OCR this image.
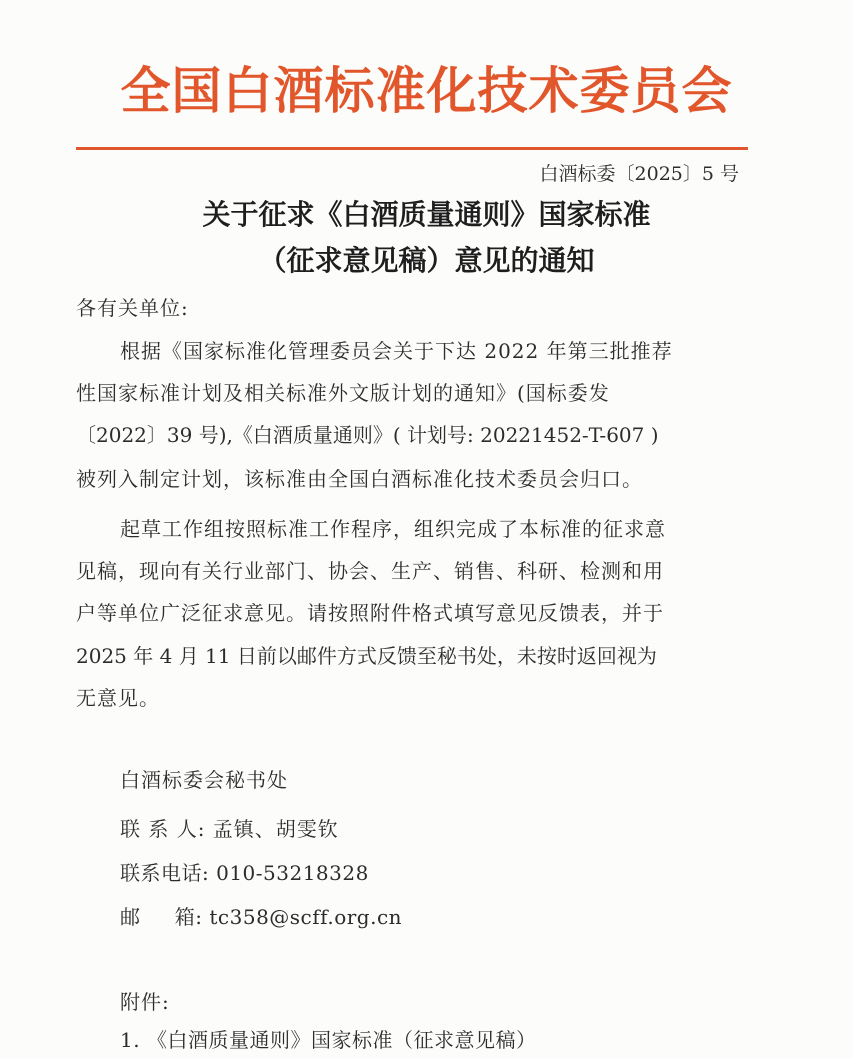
全国白酒标准化技术委员会
白酒标委〔2025〕5 号
关于征求《白酒质量通则》国家标准
（征求意见稿）意见的通知
各有关单位:
根据《国家标准化管理委员会关于下达 2022 年第三批推荐
性国家标准计划及相关标准外文版计划的通知》(国标委发
〔2022〕39 号),《白酒质量通则》( 计划号: 20221452-T-607 )
被列入制定计划，该标准由全国白酒标准化技术委员会归口。
起草工作组按照标准工作程序，组织完成了本标准的征求意
见稿，现向有关行业部门、协会、生产、销售、科研、检测和用
户等单位广泛征求意见。请按照附件格式填写意见反馈表，并于
2025 年 4 月 11 日前以邮件方式反馈至秘书处，未按时返回视为
无意见。
白酒标委会秘书处
联 系 人: 孟镇、胡雯钦
联系电话: 010-53218328
邮     箱: tc358@scff.org.cn
附件:
1. 《白酒质量通则》国家标准（征求意见稿）
